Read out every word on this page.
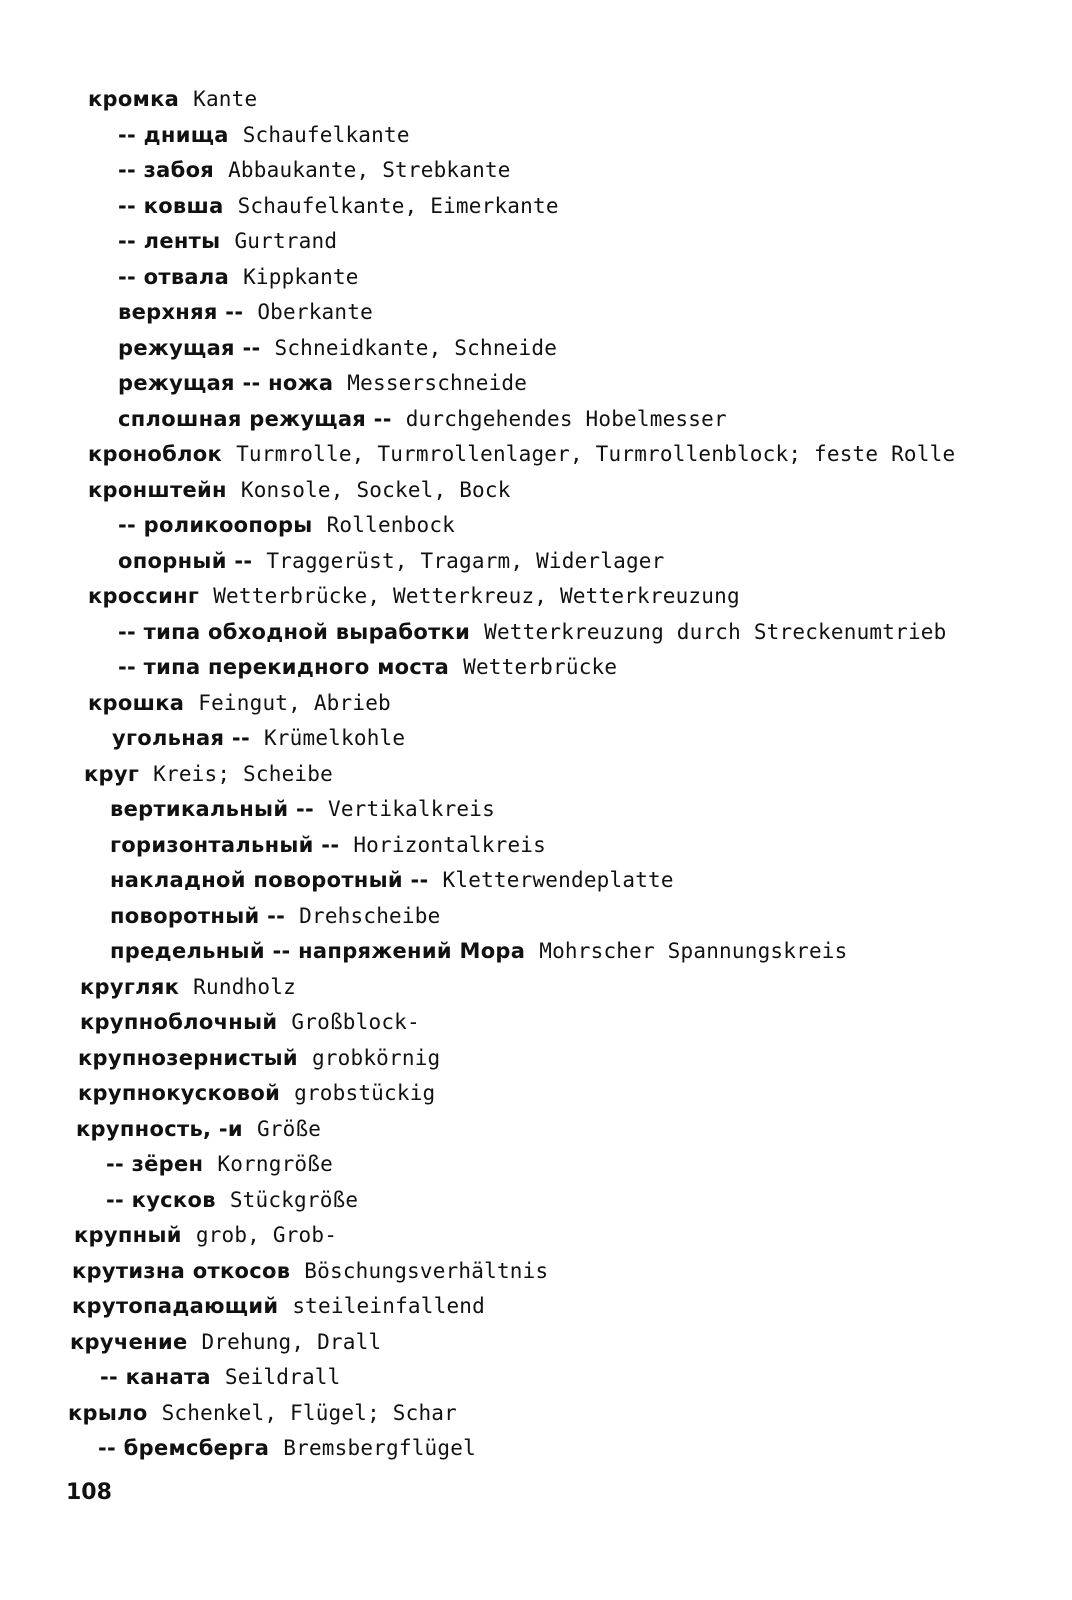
кромка Kante
-- днища Schaufelkante
-- забоя Abbaukante, Strebkante
-- ковша Schaufelkante, Eimerkante
-- ленты Gurtrand
-- отвала Kippkante
верхняя -- Oberkante
режущая -- Schneidkante, Schneide
режущая -- ножа Messerschneide
сплошная режущая -- durchgehendes Hobelmesser
кроноблок Turmrolle, Turmrollenlager, Turmrollenblock; feste Rolle
кронштейн Konsole, Sockel, Bock
-- роликоопоры Rollenbock
опорный -- Traggerüst, Tragarm, Widerlager
кроссинг Wetterbrücke, Wetterkreuz, Wetterkreuzung
-- типа обходной выработки Wetterkreuzung durch Streckenumtrieb
-- типа перекидного моста Wetterbrücke
крошка Feingut, Abrieb
угольная -- Krümelkohle
круг Kreis; Scheibe
вертикальный -- Vertikalkreis
горизонтальный -- Horizontalkreis
накладной поворотный -- Kletterwendeplatte
поворотный -- Drehscheibe
предельный -- напряжений Мора Mohrscher Spannungskreis
кругляк Rundholz
крупноблочный Großblock-
крупнозернистый grobkörnig
крупнокусковой grobstückig
крупность, -и Größe
-- зёрен Korngröße
-- кусков Stückgröße
крупный grob, Grob-
крутизна откосов Böschungsverhältnis
крутопадающий steileinfallend
кручение Drehung, Drall
-- каната Seildrall
крыло Schenkel, Flügel; Schar
-- бремсберга Bremsbergflügel
108
